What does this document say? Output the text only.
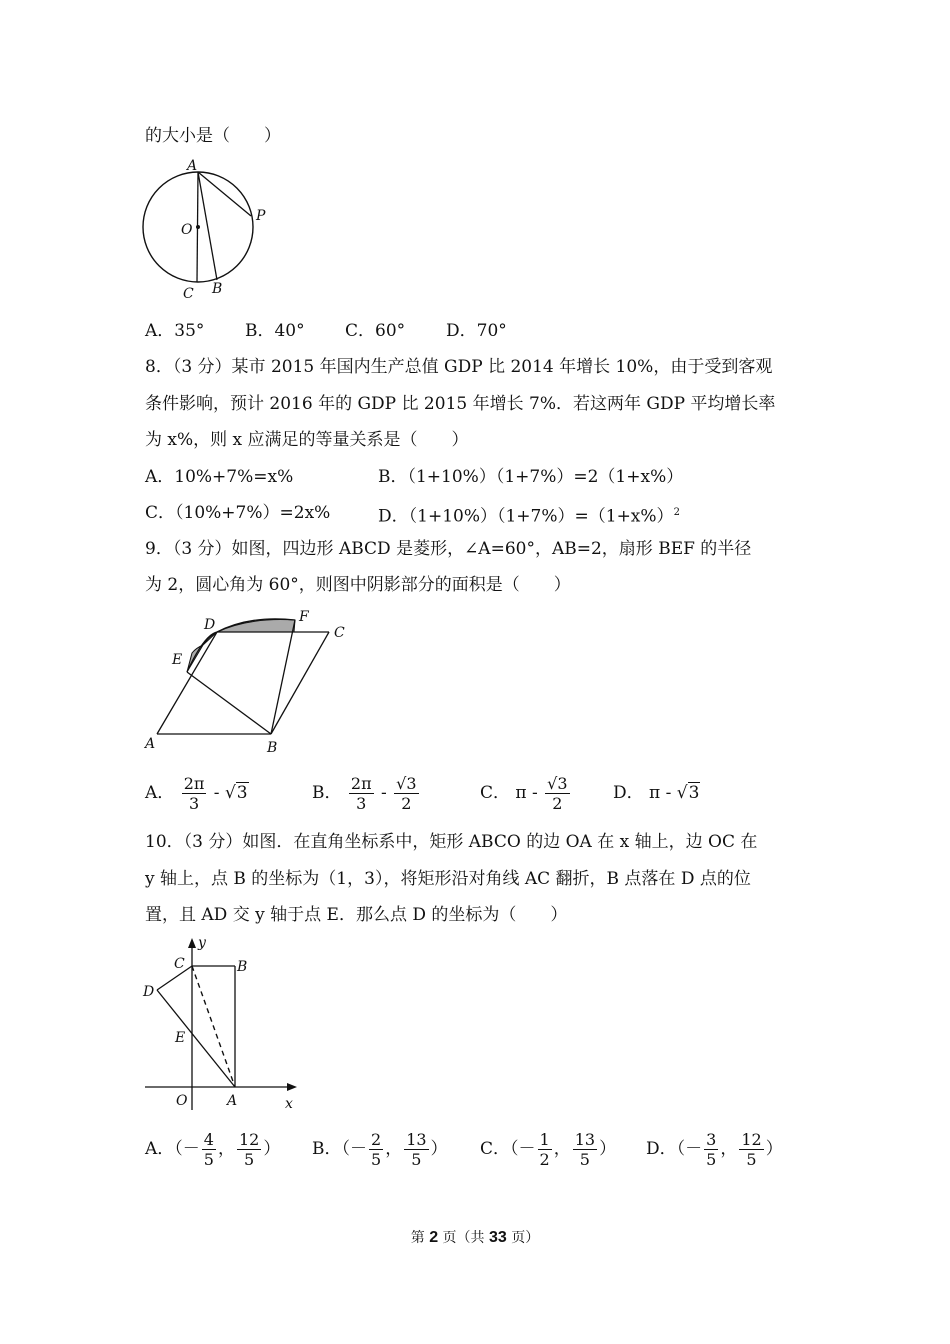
的大小是（　　）
A
P
O
C B
A．35° B．40° C．60° D．70°
8．（3 分）某市 2015 年国内生产总值 GDP 比 2014 年增长 10%，由于受到客观
条件影响，预计 2016 年的 GDP 比 2015 年增长 7%．若这两年 GDP 平均增长率
为 x%，则 x 应满足的等量关系是（　　）
A．10%+7%=x%	B．（1+10%）（1+7%）=2（1+x%）
C．（10%+7%）=2x%	D．$(1+10\%)(1+7\%)=(1+x\%)^2$
9．（3 分）如图，四边形 ABCD 是菱形，∠A=60°，AB=2，扇形 BEF 的半径
为 2，圆心角为 60°，则图中阴影部分的面积是（　　）
D	F
C
E
A	B
A． $\frac{2\pi}{3} - √3$	B． $\frac{2\pi}{3} - \frac{√3}{2}$	C． π - $\frac{√3}{2}$	D． π - √3
10．（3 分）如图．在直角坐标系中，矩形 ABCO 的边 OA 在 x 轴上，边 OC 在
y 轴上，点 B 的坐标为（1，3），将矩形沿对角线 AC 翻折，B 点落在 D 点的位
置，且 AD 交 y 轴于点 E．那么点 D 的坐标为（　　）
y
C	B
D
E
O	A	x
A．（－ $\frac{4}{5}$ ， $\frac{12}{5}$ ） B．（－ $\frac{2}{5}$ ， $\frac{13}{5}$ ） C．（－ $\frac{1}{2}$ ， $\frac{13}{5}$ ） D．（－ $\frac{3}{5}$ ， $\frac{12}{5}$ ）
第 2 页（共 33 页）
